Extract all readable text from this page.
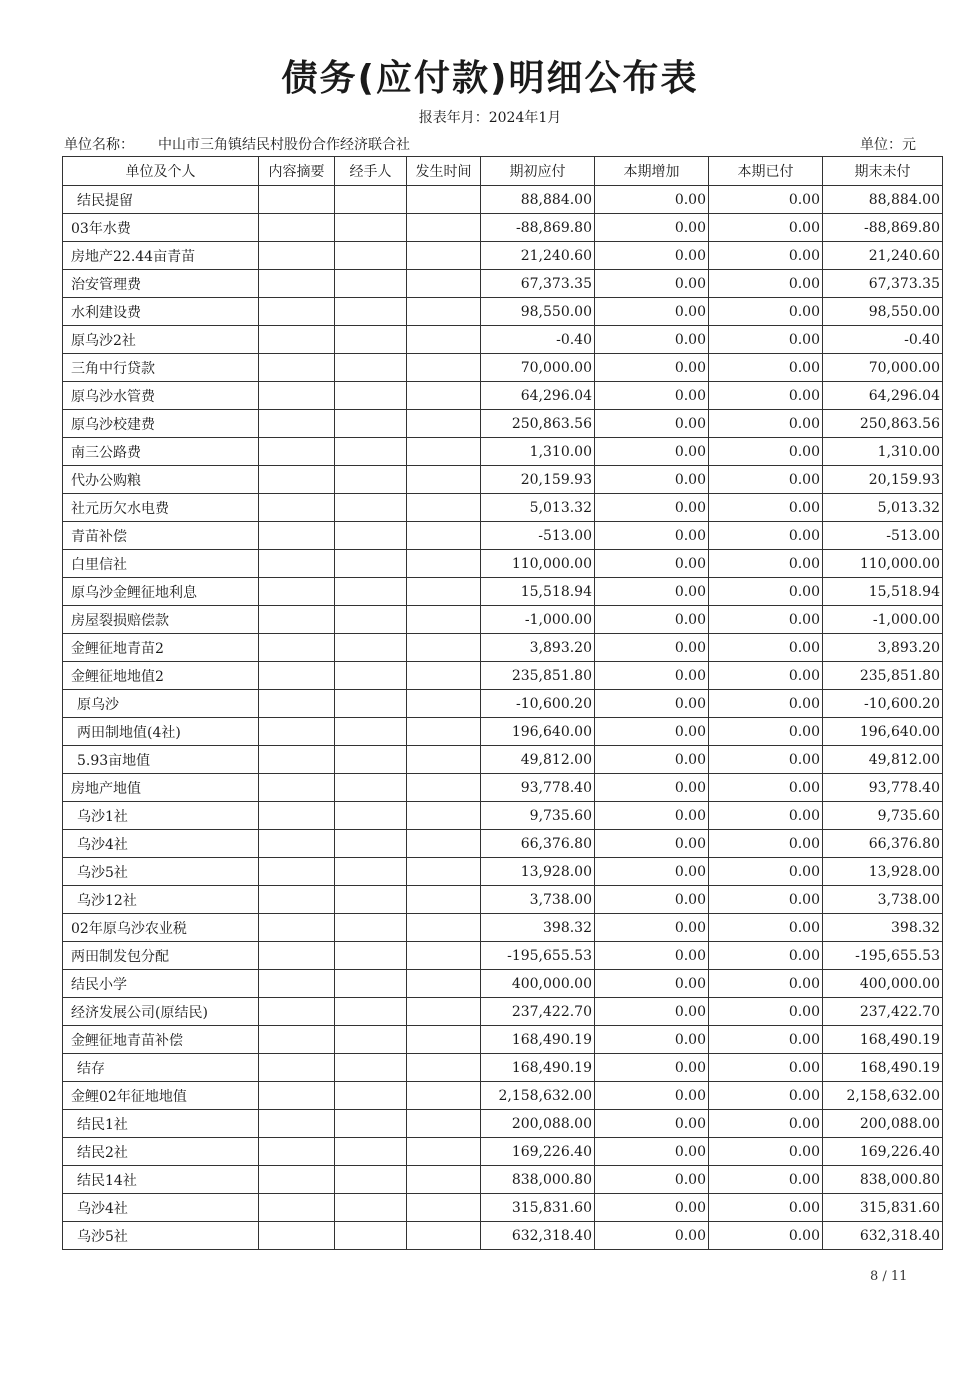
债务(应付款)明细公布表
报表年月：2024年1月
单位名称： 中山市三角镇结民村股份合作经济联合社	单位：元
单位及个人	内容摘要	经手人	发生时间	期初应付	本期增加	本期已付	期末未付
结民提留				88,884.00	0.00	0.00	88,884.00
03年水费				-88,869.80	0.00	0.00	-88,869.80
房地产22.44亩青苗				21,240.60	0.00	0.00	21,240.60
治安管理费				67,373.35	0.00	0.00	67,373.35
水利建设费				98,550.00	0.00	0.00	98,550.00
原乌沙2社				-0.40	0.00	0.00	-0.40
三角中行贷款				70,000.00	0.00	0.00	70,000.00
原乌沙水管费				64,296.04	0.00	0.00	64,296.04
原乌沙校建费				250,863.56	0.00	0.00	250,863.56
南三公路费				1,310.00	0.00	0.00	1,310.00
代办公购粮				20,159.93	0.00	0.00	20,159.93
社元历欠水电费				5,013.32	0.00	0.00	5,013.32
青苗补偿				-513.00	0.00	0.00	-513.00
白里信社				110,000.00	0.00	0.00	110,000.00
原乌沙金鲤征地利息				15,518.94	0.00	0.00	15,518.94
房屋裂损赔偿款				-1,000.00	0.00	0.00	-1,000.00
金鲤征地青苗2				3,893.20	0.00	0.00	3,893.20
金鲤征地地值2				235,851.80	0.00	0.00	235,851.80
原乌沙				-10,600.20	0.00	0.00	-10,600.20
两田制地值(4社)				196,640.00	0.00	0.00	196,640.00
5.93亩地值				49,812.00	0.00	0.00	49,812.00
房地产地值				93,778.40	0.00	0.00	93,778.40
乌沙1社				9,735.60	0.00	0.00	9,735.60
乌沙4社				66,376.80	0.00	0.00	66,376.80
乌沙5社				13,928.00	0.00	0.00	13,928.00
乌沙12社				3,738.00	0.00	0.00	3,738.00
02年原乌沙农业税				398.32	0.00	0.00	398.32
两田制发包分配				-195,655.53	0.00	0.00	-195,655.53
结民小学				400,000.00	0.00	0.00	400,000.00
经济发展公司(原结民)				237,422.70	0.00	0.00	237,422.70
金鲤征地青苗补偿				168,490.19	0.00	0.00	168,490.19
结存				168,490.19	0.00	0.00	168,490.19
金鲤02年征地地值				2,158,632.00	0.00	0.00	2,158,632.00
结民1社				200,088.00	0.00	0.00	200,088.00
结民2社				169,226.40	0.00	0.00	169,226.40
结民14社				838,000.80	0.00	0.00	838,000.80
乌沙4社				315,831.60	0.00	0.00	315,831.60
乌沙5社				632,318.40	0.00	0.00	632,318.40
8 / 11
